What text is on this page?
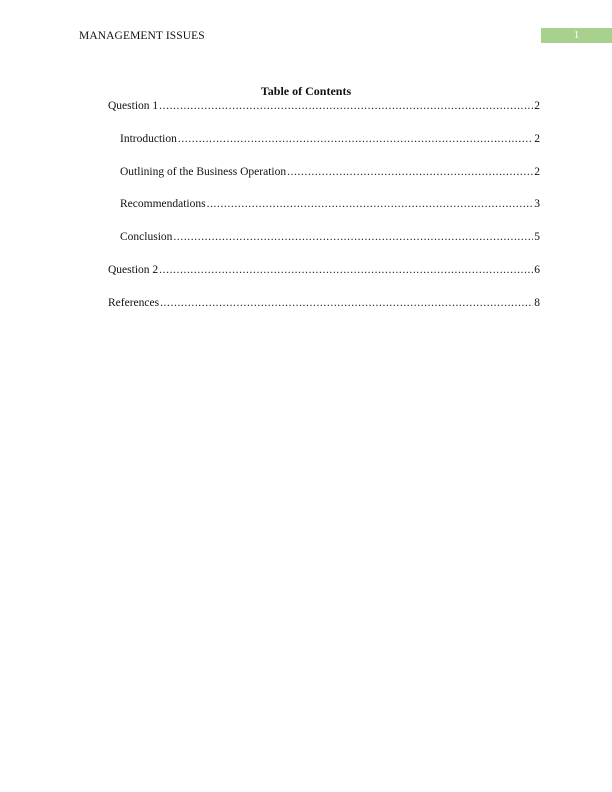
MANAGEMENT ISSUES	1
Table of Contents
Question 1 .....	2
Introduction .....	2
Outlining of the Business Operation .....	2
Recommendations .....	3
Conclusion .....	5
Question 2 .....	6
References .....	8
